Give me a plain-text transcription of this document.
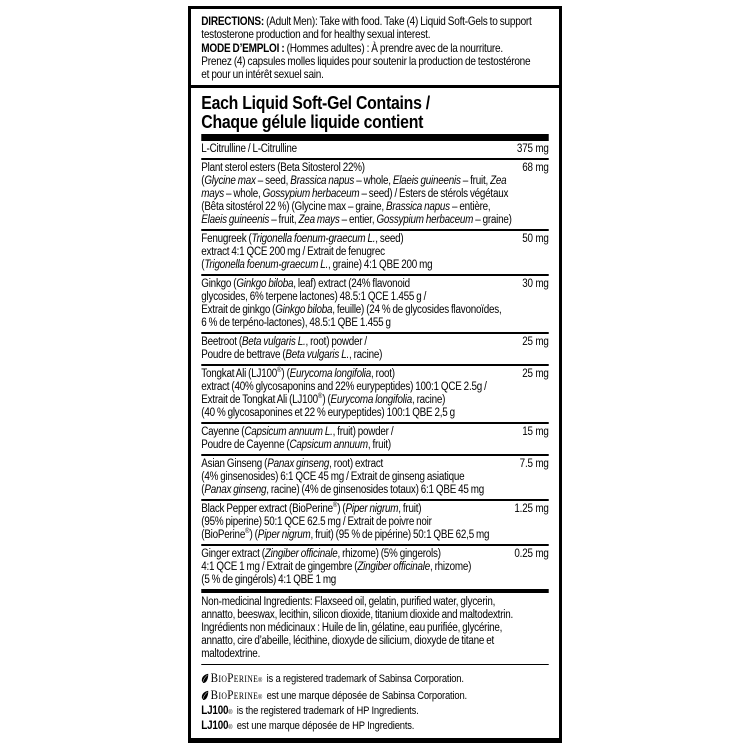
DIRECTIONS: (Adult Men): Take with food. Take (4) Liquid Soft-Gels to support
testosterone production and for healthy sexual interest.
MODE D’EMPLOI : (Hommes adultes) : À prendre avec de la nourriture.
Prenez (4) capsules molles liquides pour soutenir la production de testostérone
et pour un intérêt sexuel sain.
Each Liquid Soft-Gel Contains /
Chaque gélule liquide contient
L-Citrulline / L-Citrulline	375 mg
Plant sterol esters (Beta Sitosterol 22%)	68 mg
(Glycine max – seed, Brassica napus – whole, Elaeis guineenis – fruit, Zea
mays – whole, Gossypium herbaceum – seed) / Esters de stérols végétaux
(Bêta sitostérol 22 %) (Glycine max – graine, Brassica napus – entière,
Elaeis guineenis – fruit, Zea mays – entier, Gossypium herbaceum – graine)
Fenugreek (Trigonella foenum-graecum L., seed)	50 mg
extract 4:1 QCE 200 mg / Extrait de fenugrec
(Trigonella foenum-graecum L., graine) 4:1 QBE 200 mg
Ginkgo (Ginkgo biloba, leaf) extract (24% flavonoid	30 mg
glycosides, 6% terpene lactones) 48.5:1 QCE 1.455 g /
Extrait de ginkgo (Ginkgo biloba, feuille) (24 % de glycosides flavonoïdes,
6 % de terpéno-lactones), 48.5:1 QBE 1.455 g
Beetroot (Beta vulgaris L., root) powder /	25 mg
Poudre de bettrave (Beta vulgaris L., racine)
Tongkat Ali (LJ100®) (Eurycoma longifolia, root)	25 mg
extract (40% glycosaponins and 22% eurypeptides) 100:1 QCE 2.5g /
Extrait de Tongkat Ali (LJ100®) (Eurycoma longifolia, racine)
(40 % glycosaponines et 22 % eurypeptides) 100:1 QBE 2,5 g
Cayenne (Capsicum annuum L., fruit) powder /	15 mg
Poudre de Cayenne (Capsicum annuum, fruit)
Asian Ginseng (Panax ginseng, root) extract	7.5 mg
(4% ginsenosides) 6:1 QCE 45 mg / Extrait de ginseng asiatique
(Panax ginseng, racine) (4% de ginsenosides totaux) 6:1 QBE 45 mg
Black Pepper extract (BioPerine®) (Piper nigrum, fruit)	1.25 mg
(95% piperine) 50:1 QCE 62.5 mg / Extrait de poivre noir
(BioPerine®) (Piper nigrum, fruit) (95 % de pipérine) 50:1 QBE 62,5 mg
Ginger extract (Zingiber officinale, rhizome) (5% gingerols)	0.25 mg
4:1 QCE 1 mg / Extrait de gingembre (Zingiber officinale, rhizome)
(5 % de gingérols) 4:1 QBE 1 mg
Non-medicinal Ingredients: Flaxseed oil, gelatin, purified water, glycerin,
annatto, beeswax, lecithin, silicon dioxide, titanium dioxide and maltodextrin.
Ingrédients non médicinaux : Huile de lin, gélatine, eau purifiée, glycérine,
annatto, cire d’abeille, lécithine, dioxyde de silicium, dioxyde de titane et
maltodextrine.
BioPerine ® is a registered trademark of Sabinsa Corporation.
BioPerine ® est une marque déposée de Sabinsa Corporation.
LJ100 ® is the registered trademark of HP Ingredients.
LJ100 ® est une marque déposée de HP Ingredients.
